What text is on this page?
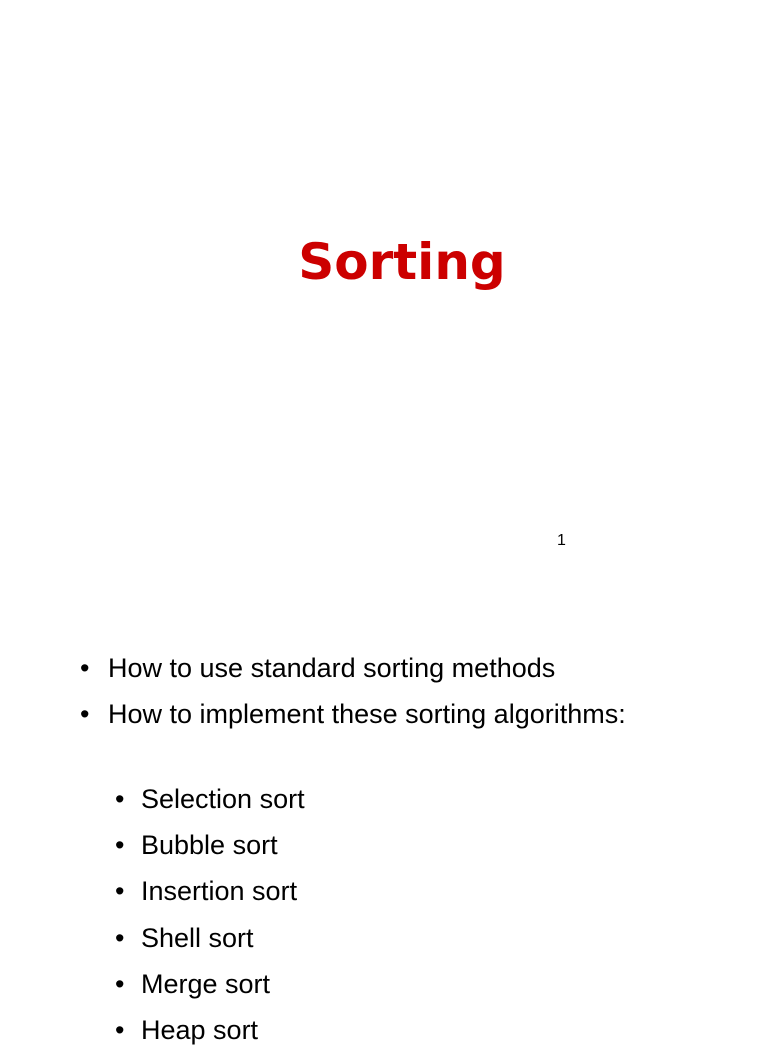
Sorting
1
• How to use standard sorting methods
• How to implement these sorting algorithms:
• Selection sort
• Bubble sort
• Insertion sort
• Shell sort
• Merge sort
• Heap sort
